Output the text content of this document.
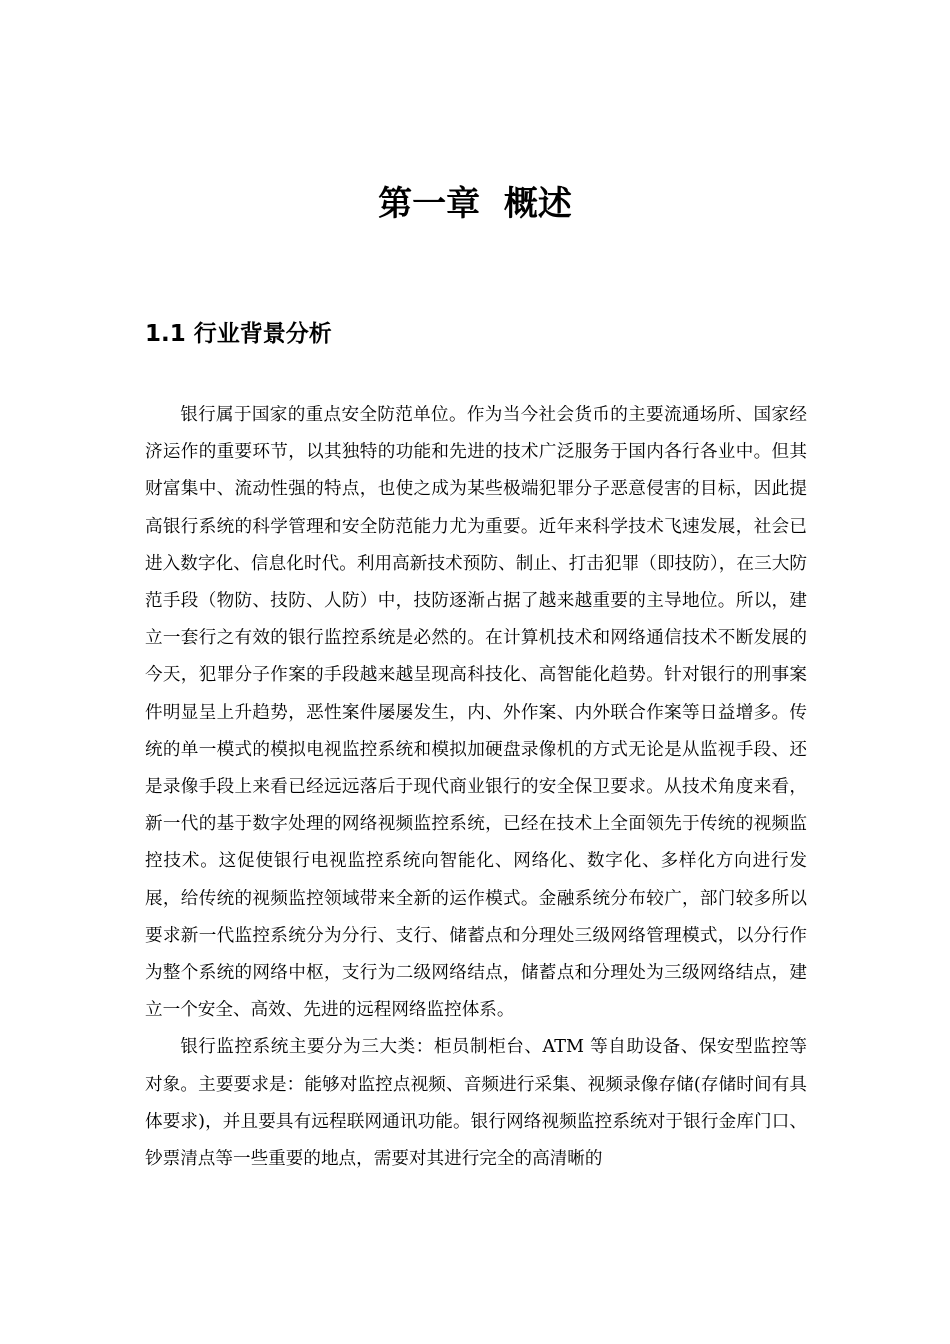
第一章 概述
1.1 行业背景分析

银行属于国家的重点安全防范单位。作为当今社会货币的主要流通场所、国家经济运作的重要环节，以其独特的功能和先进的技术广泛服务于国内各行各业中。但其财富集中、流动性强的特点，也使之成为某些极端犯罪分子恶意侵害的目标，因此提高银行系统的科学管理和安全防范能力尤为重要。近年来科学技术飞速发展，社会已进入数字化、信息化时代。利用高新技术预防、制止、打击犯罪（即技防），在三大防范手段（物防、技防、人防）中，技防逐渐占据了越来越重要的主导地位。所以，建立一套行之有效的银行监控系统是必然的。在计算机技术和网络通信技术不断发展的今天，犯罪分子作案的手段越来越呈现高科技化、高智能化趋势。针对银行的刑事案件明显呈上升趋势，恶性案件屡屡发生，内、外作案、内外联合作案等日益增多。传统的单一模式的模拟电视监控系统和模拟加硬盘录像机的方式无论是从监视手段、还是录像手段上来看已经远远落后于现代商业银行的安全保卫要求。从技术角度来看，新一代的基于数字处理的网络视频监控系统，已经在技术上全面领先于传统的视频监控技术。这促使银行电视监控系统向智能化、网络化、数字化、多样化方向进行发展，给传统的视频监控领域带来全新的运作模式。金融系统分布较广，部门较多所以要求新一代监控系统分为分行、支行、储蓄点和分理处三级网络管理模式，以分行作为整个系统的网络中枢，支行为二级网络结点，储蓄点和分理处为三级网络结点，建立一个安全、高效、先进的远程网络监控体系。

银行监控系统主要分为三大类：柜员制柜台、ATM 等自助设备、保安型监控等对象。主要要求是：能够对监控点视频、音频进行采集、视频录像存储(存储时间有具体要求)，并且要具有远程联网通讯功能。银行网络视频监控系统对于银行金库门口、钞票清点等一些重要的地点，需要对其进行完全的高清晰的
